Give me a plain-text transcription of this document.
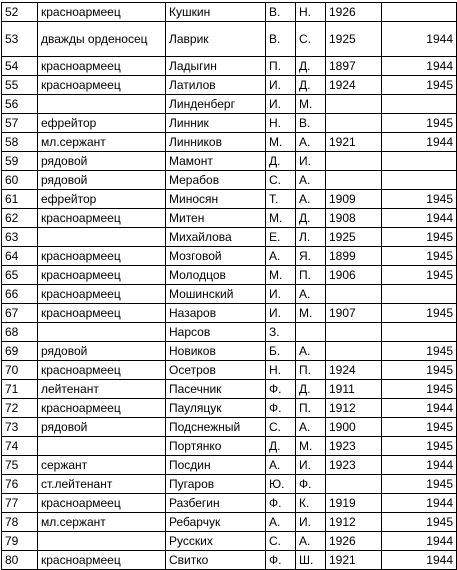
52	красноармеец	Кушкин	В.	Н.	1926	
53	дважды орденосец	Лаврик	В.	С.	1925	1944
54	красноармеец	Ладыгин	П.	Д.	1897	1944
55	красноармеец	Латилов	И.	Д.	1924	1945
56		Линденберг	И.	М.		
57	ефрейтор	Линник	Н.	В.		1945
58	мл.сержант	Линников	М.	А.	1921	1944
59	рядовой	Мамонт	Д.	И.		
60	рядовой	Мерабов	С.	А.		
61	ефрейтор	Миносян	Т.	А.	1909	1945
62	красноармеец	Митен	М.	Д.	1908	1944
63		Михайлова	Е.	Л.	1925	1945
64	красноармеец	Мозговой	А.	Я.	1899	1945
65	красноармеец	Молодцов	М.	П.	1906	1945
66	красноармеец	Мошинский	И.	А.		
67	красноармеец	Назаров	И.	М.	1907	1945
68		Нарсов	З.			
69	рядовой	Новиков	Б.	А.		1945
70	красноармеец	Осетров	Н.	П.	1924	1945
71	лейтенант	Пасечник	Ф.	Д.	1911	1945
72	красноармеец	Пауляцук	Ф.	П.	1912	1944
73	рядовой	Подснежный	С.	А.	1900	1945
74		Портянко	Д.	М.	1923	1945
75	сержант	Посдин	А.	И.	1923	1944
76	ст.лейтенант	Пугаров	Ю.	Ф.		1945
77	красноармеец	Разбегин	Ф.	К.	1919	1944
78	мл.сержант	Ребарчук	А.	И.	1912	1945
79		Русских	С.	А.	1926	1944
80	красноармеец	Свитко	Ф.	Ш.	1921	1944
